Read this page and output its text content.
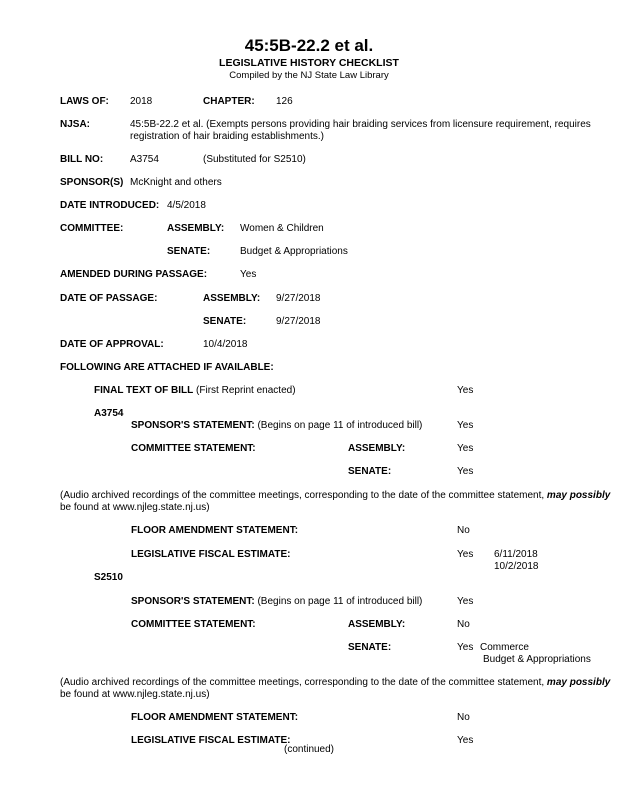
45:5B-22.2 et al.
LEGISLATIVE HISTORY CHECKLIST
Compiled by the NJ State Law Library
LAWS OF: 2018	CHAPTER: 126
NJSA:	45:5B-22.2 et al. (Exempts persons providing hair braiding services from licensure requirement, requires
registration of hair braiding establishments.)
BILL NO:	A3754	(Substituted for S2510)
SPONSOR(S) McKnight and others
DATE INTRODUCED: 4/5/2018
COMMITTEE:	ASSEMBLY: Women & Children
SENATE:	Budget & Appropriations
AMENDED DURING PASSAGE:	Yes
DATE OF PASSAGE:	ASSEMBLY: 9/27/2018
SENATE:	9/27/2018
DATE OF APPROVAL:	10/4/2018
FOLLOWING ARE ATTACHED IF AVAILABLE:
FINAL TEXT OF BILL (First Reprint enacted)	Yes
A3754
SPONSOR'S STATEMENT: (Begins on page 11 of introduced bill)	Yes
COMMITTEE STATEMENT:	ASSEMBLY:	Yes
SENATE:	Yes
(Audio archived recordings of the committee meetings, corresponding to the date of the committee statement, may possibly
be found at www.njleg.state.nj.us)
FLOOR AMENDMENT STATEMENT:	No
LEGISLATIVE FISCAL ESTIMATE:	Yes 6/11/2018
10/2/2018
S2510
SPONSOR'S STATEMENT: (Begins on page 11 of introduced bill)	Yes
COMMITTEE STATEMENT:	ASSEMBLY:	No
SENATE:	Yes Commerce
Budget & Appropriations
(Audio archived recordings of the committee meetings, corresponding to the date of the committee statement, may possibly
be found at www.njleg.state.nj.us)
FLOOR AMENDMENT STATEMENT:	No
LEGISLATIVE FISCAL ESTIMATE:	Yes
(continued)
